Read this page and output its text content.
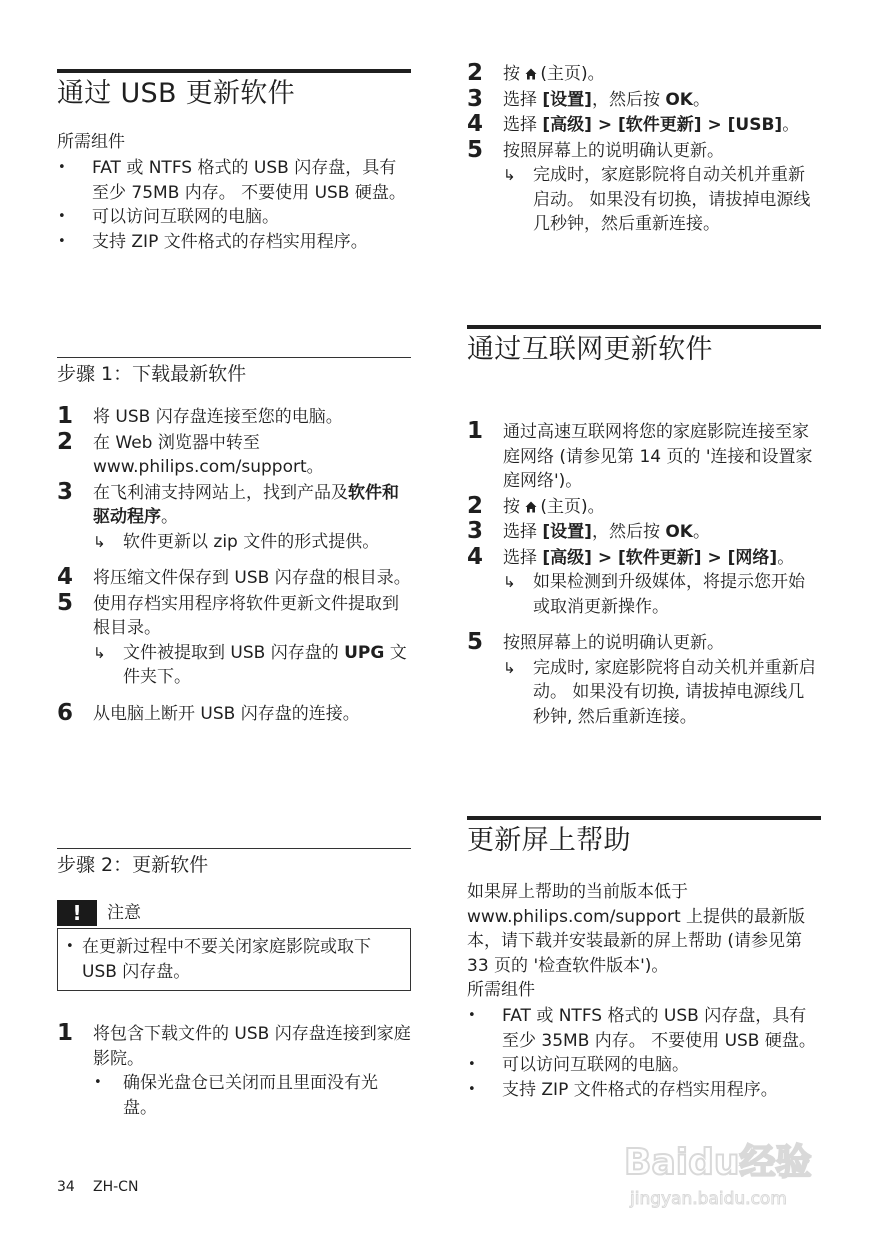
通过 USB 更新软件
所需组件
• FAT 或 NTFS 格式的 USB 闪存盘，具有至少 75MB 内存。 不要使用 USB 硬盘。
• 可以访问互联网的电脑。
• 支持 ZIP 文件格式的存档实用程序。
步骤 1：下载最新软件
1 将 USB 闪存盘连接至您的电脑。
2 在 Web 浏览器中转至 www.philips.com/support。
3 在飞利浦支持网站上，找到产品及软件和驱动程序。
↳ 软件更新以 zip 文件的形式提供。
4 将压缩文件保存到 USB 闪存盘的根目录。
5 使用存档实用程序将软件更新文件提取到根目录。
↳ 文件被提取到 USB 闪存盘的 UPG 文件夹下。
6 从电脑上断开 USB 闪存盘的连接。
步骤 2：更新软件
!	注意
• 在更新过程中不要关闭家庭影院或取下 USB 闪存盘。
1 将包含下载文件的 USB 闪存盘连接到家庭影院。
• 确保光盘仓已关闭而且里面没有光盘。
2 按 (主页)。
3 选择 [设置]，然后按 OK。
4 选择 [高级] > [软件更新] > [USB]。
5 按照屏幕上的说明确认更新。
↳ 完成时，家庭影院将自动关机并重新启动。 如果没有切换，请拔掉电源线几秒钟，然后重新连接。
通过互联网更新软件
1 通过高速互联网将您的家庭影院连接至家庭网络 (请参见第 14 页的 '连接和设置家庭网络')。
2 按 (主页)。
3 选择 [设置]，然后按 OK。
4 选择 [高级] > [软件更新] > [网络]。
↳ 如果检测到升级媒体，将提示您开始或取消更新操作。
5 按照屏幕上的说明确认更新。
↳ 完成时, 家庭影院将自动关机并重新启动。 如果没有切换, 请拔掉电源线几秒钟, 然后重新连接。
更新屏上帮助
如果屏上帮助的当前版本低于 www.philips.com/support 上提供的最新版本，请下载并安装最新的屏上帮助 (请参见第 33 页的 '检查软件版本')。
所需组件
• FAT 或 NTFS 格式的 USB 闪存盘，具有至少 35MB 内存。 不要使用 USB 硬盘。
• 可以访问互联网的电脑。
• 支持 ZIP 文件格式的存档实用程序。
34 ZH-CN
Baidu经验
jingyan.baidu.com
